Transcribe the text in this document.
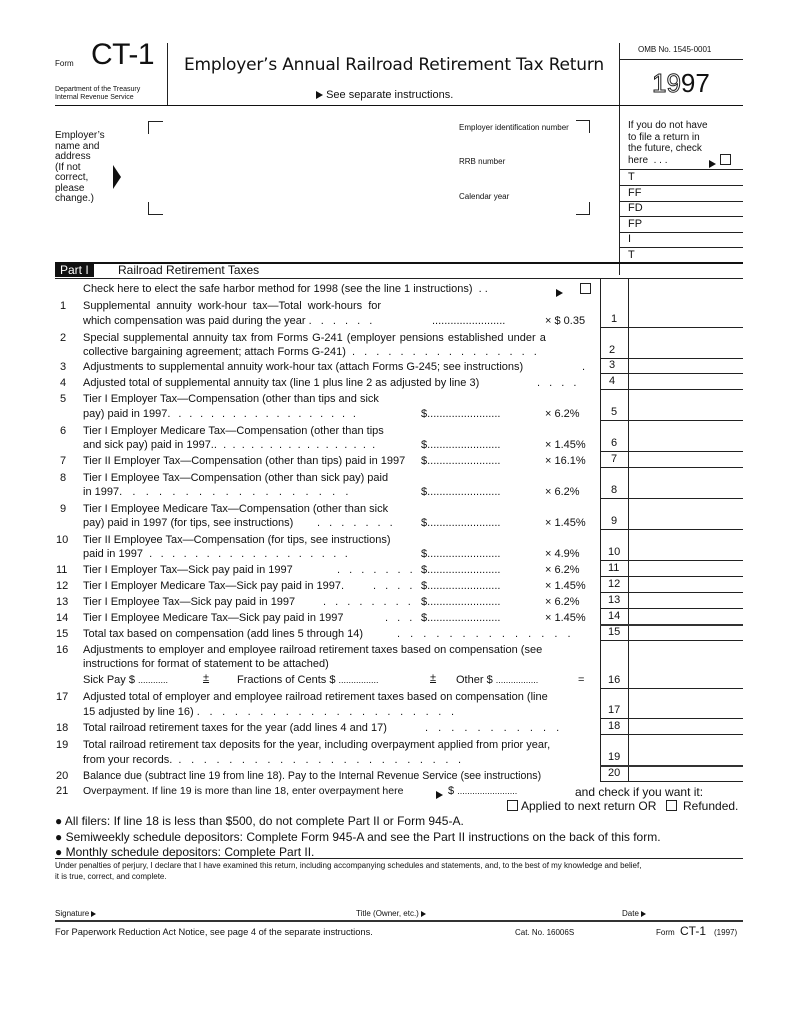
Form CT-1
Department of the Treasury
Internal Revenue Service
Employer’s Annual Railroad Retirement Tax Return
See separate instructions.
OMB No. 1545-0001
1997
Employer’s
name and
address
(If not
correct,
please
change.)
Employer identification number
RRB number
Calendar year
If you do not have
to file a return in
the future, check
here . . .
T
FF
FD
FP
I
T
Part I	Railroad Retirement Taxes
Check here to elect the safe harbor method for 1998 (see the line 1 instructions) . .
1	Supplemental annuity work-hour tax—Total work-hours for
which compensation was paid during the year . . . . . .	........................	× $ 0.35 1
2	Special supplemental annuity tax from Forms G-241 (employer pensions established under a
collective bargaining agreement; attach Forms G-241) . . . . . . . . . . . . . . . .	2
3	Adjustments to supplemental annuity work-hour tax (attach Forms G-245; see instructions)	. 3
4	Adjusted total of supplemental annuity tax (line 1 plus line 2 as adjusted by line 3)	. . . .	4
5	Tier I Employer Tax—Compensation (other than tips and sick
pay) paid in 1997. . . . . . . . . . . . . . . . . .	$........................	× 6.2%	5
6	Tier I Employer Medicare Tax—Compensation (other than tips
and sick pay) paid in 1997.. . . . . . . . . . . . . . . . . .	$........................	× 1.45% 6
7	Tier II Employer Tax—Compensation (other than tips) paid in 1997 $........................	× 16.1% 7
8	Tier I Employee Tax—Compensation (other than sick pay) paid
in 1997. . . . . . . . . . . . . . . . . .	$........................	× 6.2%	8
9	Tier I Employee Medicare Tax—Compensation (other than sick
pay) paid in 1997 (for tips, see instructions) . . . . . . . $........................	× 1.45% 9
10	Tier II Employee Tax—Compensation (for tips, see instructions)
paid in 1997 . . . . . . . . . . . . . . . . . .	$........................	× 4.9%	10
11	Tier I Employer Tax—Sick pay paid in 1997	. . . . . . . $........................	× 6.2%	11
12	Tier I Employer Medicare Tax—Sick pay paid in 1997.	. . . . $........................	× 1.45% 12
13	Tier I Employee Tax—Sick pay paid in 1997	. . . . . . . . $........................	× 6.2%	13
14	Tier I Employee Medicare Tax—Sick pay paid in 1997	. . . $........................	× 1.45% 14
15	Total tax based on compensation (add lines 5 through 14)	. . . . . . . . . . . . . .	15
16	Adjustments to employer and employee railroad retirement taxes based on compensation (see
instructions for format of statement to be attached)
Sick Pay $ ............	±	Fractions of Cents $ ................	± Other $ .................	= 16
17	Adjusted total of employer and employee railroad retirement taxes based on compensation (line
15 adjusted by line 16) . . . . . . . . . . . . . . . . . . . . .	17
18	Total railroad retirement taxes for the year (add lines 4 and 17)	. . . . . . . . . . .	18
19	Total railroad retirement tax deposits for the year, including overpayment applied from prior year,
from your records. . . . . . . . . . . . . . . . . . . . . . . .	19
20	Balance due (subtract line 19 from line 18). Pay to the Internal Revenue Service (see instructions)	20
21	Overpayment. If line 19 is more than line 18, enter overpayment here	$ ........................	and check if you want it:
Applied to next return OR Refunded.
● All filers: If line 18 is less than $500, do not complete Part II or Form 945-A.
● Semiweekly schedule depositors: Complete Form 945-A and see the Part II instructions on the back of this form.
● Monthly schedule depositors: Complete Part II.
Under penalties of perjury, I declare that I have examined this return, including accompanying schedules and statements, and, to the best of my knowledge and belief,
it is true, correct, and complete.
Signature	Title (Owner, etc.)	Date
For Paperwork Reduction Act Notice, see page 4 of the separate instructions.	Cat. No. 16006S	Form CT-1 (1997)
